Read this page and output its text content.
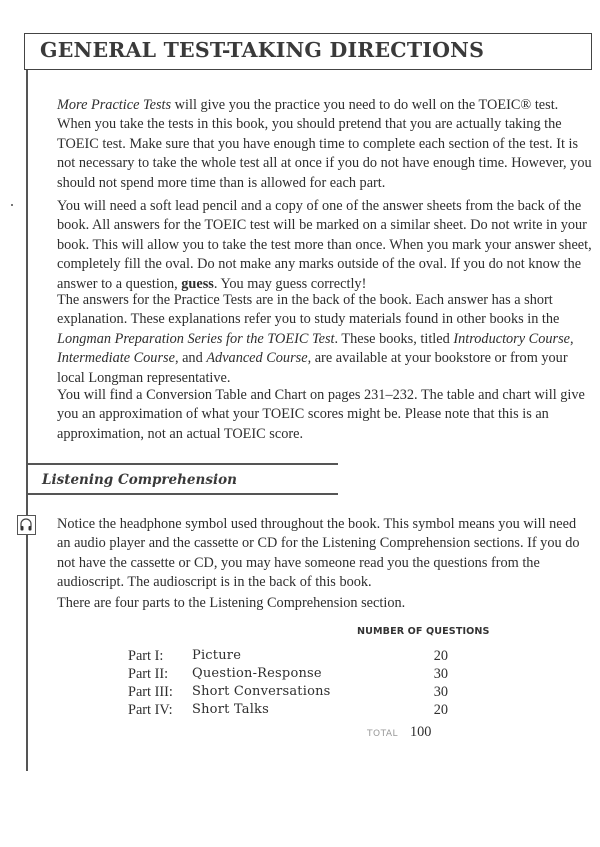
GENERAL TEST-TAKING DIRECTIONS

More Practice Tests will give you the practice you need to do well on the TOEIC® test. When you take the tests in this book, you should pretend that you are actually taking the TOEIC test. Make sure that you have enough time to complete each section of the test. It is not necessary to take the whole test all at once if you do not have enough time. However, you should not spend more time than is allowed for each part.

You will need a soft lead pencil and a copy of one of the answer sheets from the back of the book. All answers for the TOEIC test will be marked on a similar sheet. Do not write in your book. This will allow you to take the test more than once. When you mark your answer sheet, completely fill the oval. Do not make any marks outside of the oval. If you do not know the answer to a question, guess. You may guess correctly!

The answers for the Practice Tests are in the back of the book. Each answer has a short explanation. These explanations refer you to study materials found in other books in the Longman Preparation Series for the TOEIC Test. These books, titled Introductory Course, Intermediate Course, and Advanced Course, are available at your bookstore or from your local Longman representative.

You will find a Conversion Table and Chart on pages 231–232. The table and chart will give you an approximation of what your TOEIC scores might be. Please note that this is an approximation, not an actual TOEIC score.

Listening Comprehension

Notice the headphone symbol used throughout the book. This symbol means you will need an audio player and the cassette or CD for the Listening Comprehension sections. If you do not have the cassette or CD, you may have someone read you the questions from the audioscript. The audioscript is in the back of this book.

There are four parts to the Listening Comprehension section.

NUMBER OF QUESTIONS
Part I: Picture	20
Part II: Question-Response	30
Part III: Short Conversations	30
Part IV: Short Talks	20
TOTAL 100
